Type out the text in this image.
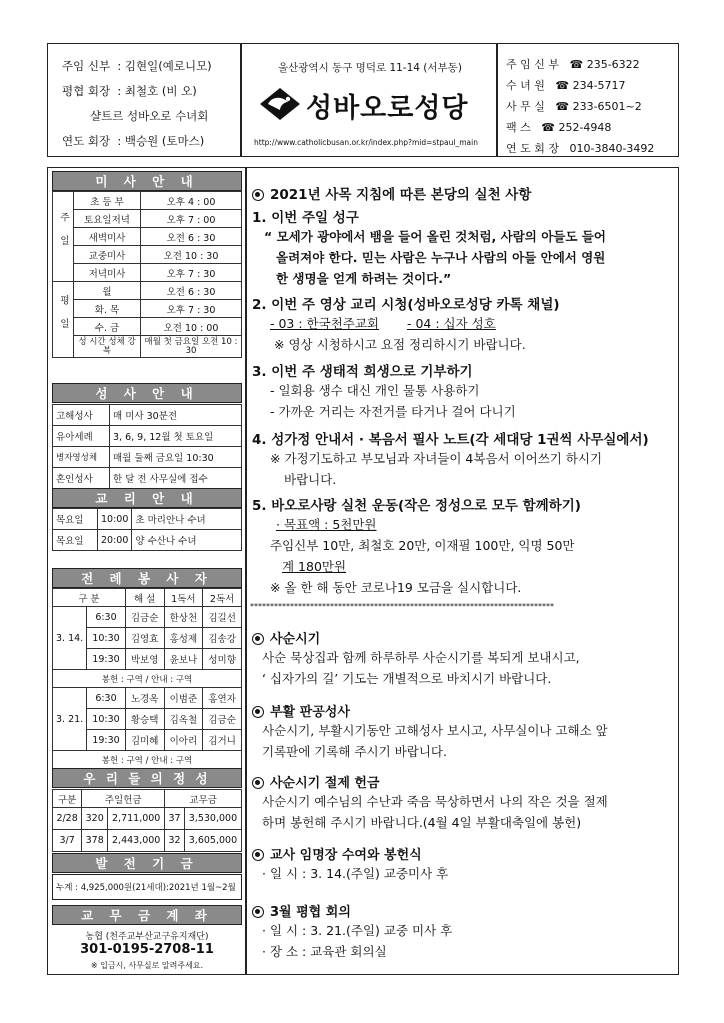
주임 신부 : 김현일(예로니모)
평협 회장 : 최철호 (비 오)
샬트르 성바오로 수녀회
연도 회장 : 백승원 (토마스)
울산광역시 동구 명덕로 11-14 (서부동)
성바오로성당
http://www.catholicbusan.or.kr/index.php?mid=stpaul_main
주 임 신 부 ☎ 235-6322
수 녀 원 ☎ 234-5717
사 무 실 ☎ 233-6501~2
팩 스 ☎ 252-4948
연 도 회 장 010-3840-3492
미 사 안 내
주일	초 등 부	오후 4 : 00
	토요일저녁	오후 7 : 00
	새벽미사	오전 6 : 30
	교중미사	오전 10 : 30
	저녁미사	오후 7 : 30
평일	월	오전 6 : 30
	화. 목	오후 7 : 30
	수. 금	오전 10 : 00
	성 시간 성체 강복	매월 첫 금요일 오전 10 : 30
성 사 안 내
고해성사	매 미사 30분전
유아세례	3, 6, 9, 12월 첫 토요일
병자영성체	매월 둘째 금요일 10:30
혼인성사	한 달 전 사무실에 접수
교 리 안 내
목요일	10:00	초 마리안나 수녀
목요일	20:00	양 수산나 수녀
전 례 봉 사 자
구 분		해 설	1독서	2독서
3. 14.	6:30	김금순	한상천	김길선
	10:30	김영효	홍성제	김송강
	19:30	박보영	윤보나	성미향
봉헌 : 구역 / 안내 : 구역				
3. 21.	6:30	노경옥	이범준	홍연자
	10:30	황승택	김옥철	김금순
	19:30	김미혜	이아리	김거니
봉헌 : 구역 / 안내 : 구역				
우 리 들 의 정 성
구분	주일헌금		교무금	
2/28	320	2,711,000	37	3,530,000
3/7	378	2,443,000	32	3,605,000
발 전 기 금
누계 : 4,925,000원(21세대):2021년 1월~2월
교 무 금 계 좌
농협 (천주교부산교구유지재단)
301-0195-2708-11
※ 입금시, 사무실로 알려주세요.

2021년 사목 지침에 따른 본당의 실천 사항

1. 이번 주일 성구

“ 모세가 광야에서 뱀을 들어 올린 것처럼, 사람의 아들도 들어

올려져야 한다. 믿는 사람은 누구나 사람의 아들 안에서 영원

한 생명을 얻게 하려는 것이다.”

2. 이번 주 영상 교리 시청(성바오로성당 카톡 채널)

- 03 : 한국천주교회 - 04 : 십자 성호

※ 영상 시청하시고 요점 정리하시기 바랍니다.

3. 이번 주 생태적 희생으로 기부하기

- 일회용 생수 대신 개인 물통 사용하기

- 가까운 거리는 자전거를 타거나 걸어 다니기

4. 성가정 안내서 · 복음서 필사 노트(각 세대당 1권씩 사무실에서)

※ 가정기도하고 부모님과 자녀들이 4복음서 이어쓰기 하시기

바랍니다.

5. 바오로사랑 실천 운동(작은 정성으로 모두 함께하기)

· 목표액 : 5천만원

주임신부 10만, 최철호 20만, 이재필 100만, 익명 50만

계 180만원

※ 올 한 해 동안 코로나19 모금을 실시합니다.

****************************************************************************

사순시기

사순 묵상집과 함께 하루하루 사순시기를 복되게 보내시고,

‘ 십자가의 길’ 기도는 개별적으로 바치시기 바랍니다.

부활 판공성사

사순시기, 부활시기동안 고해성사 보시고, 사무실이나 고해소 앞

기록판에 기록해 주시기 바랍니다.

사순시기 절제 헌금

사순시기 예수님의 수난과 죽음 묵상하면서 나의 작은 것을 절제

하며 봉헌해 주시기 바랍니다.(4월 4일 부활대축일에 봉헌)

교사 임명장 수여와 봉헌식

· 일 시 : 3. 14.(주일) 교중미사 후

3월 평협 회의

· 일 시 : 3. 21.(주일) 교중 미사 후

· 장 소 : 교육관 회의실
